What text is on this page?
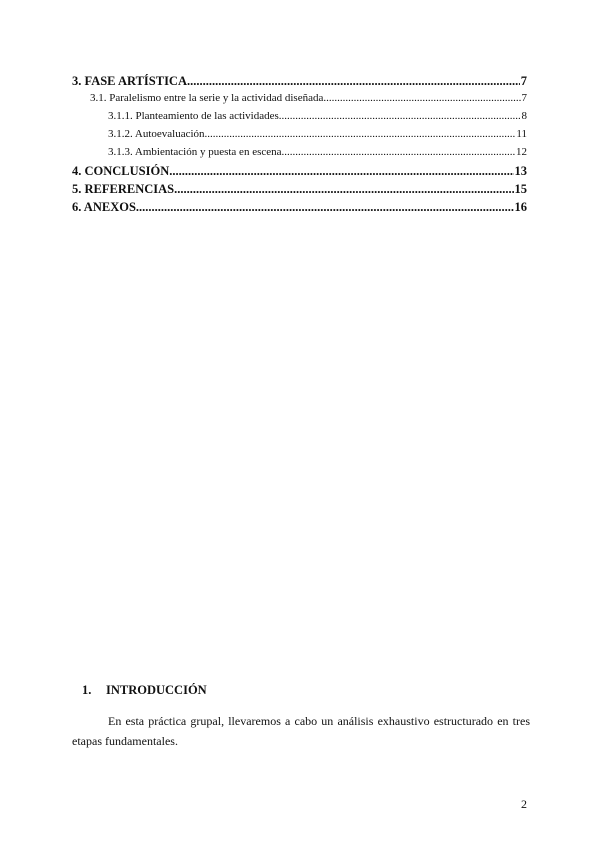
3. FASE ARTÍSTICA .....	7
3.1. Paralelismo entre la serie y la actividad diseñada .....	7
3.1.1. Planteamiento de las actividades .....	8
3.1.2. Autoevaluación .....	11
3.1.3. Ambientación y puesta en escena .....	12
4. CONCLUSIÓN .....	13
5. REFERENCIAS .....	15
6. ANEXOS .....	16
1. INTRODUCCIÓN
En esta práctica grupal, llevaremos a cabo un análisis exhaustivo estructurado en tres etapas fundamentales.
2
